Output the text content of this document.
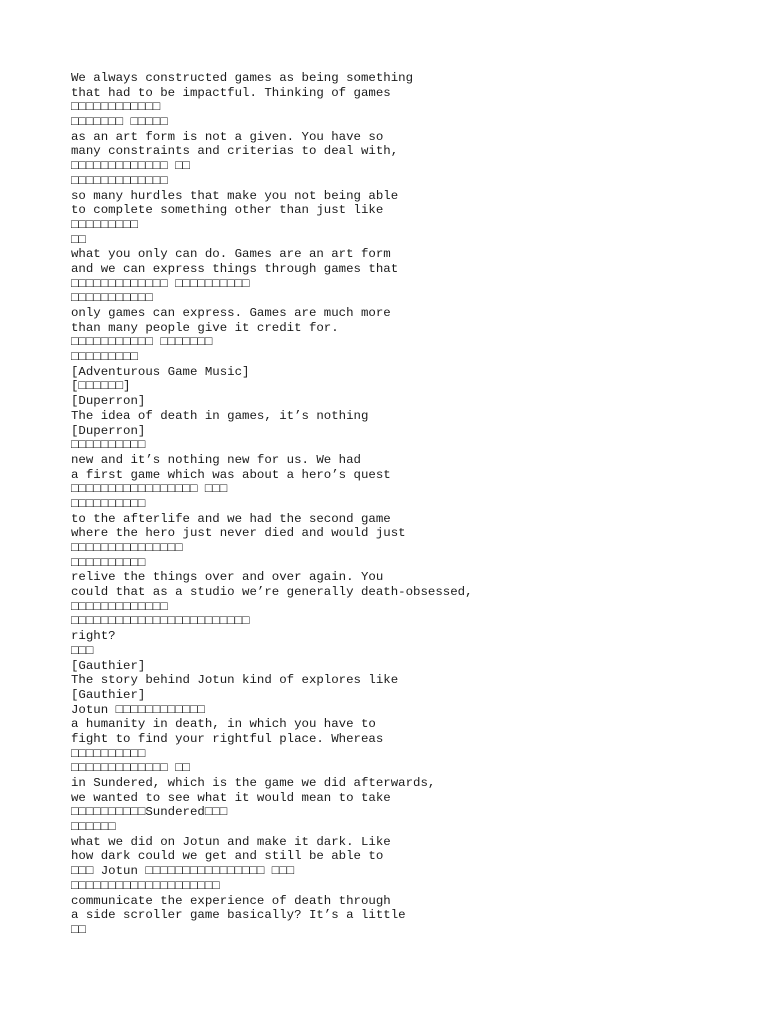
We always constructed games as being something
that had to be impactful. Thinking of games
□□□□□□□□□□□□
□□□□□□□ □□□□□
as an art form is not a given. You have so
many constraints and criterias to deal with,
□□□□□□□□□□□□□ □□
□□□□□□□□□□□□□
so many hurdles that make you not being able
to complete something other than just like
□□□□□□□□□
□□
what you only can do. Games are an art form
and we can express things through games that
□□□□□□□□□□□□□ □□□□□□□□□□
□□□□□□□□□□□
only games can express. Games are much more
than many people give it credit for.
□□□□□□□□□□□ □□□□□□□
□□□□□□□□□
[Adventurous Game Music]
[□□□□□□]
[Duperron]
The idea of death in games, it’s nothing
[Duperron]
□□□□□□□□□□
new and it’s nothing new for us. We had
a first game which was about a hero’s quest
□□□□□□□□□□□□□□□□□ □□□
□□□□□□□□□□
to the afterlife and we had the second game
where the hero just never died and would just
□□□□□□□□□□□□□□□
□□□□□□□□□□
relive the things over and over again. You
could that as a studio we’re generally death-obsessed,
□□□□□□□□□□□□□
□□□□□□□□□□□□□□□□□□□□□□□□
right?
□□□
[Gauthier]
The story behind Jotun kind of explores like
[Gauthier]
Jotun □□□□□□□□□□□□
a humanity in death, in which you have to
fight to find your rightful place. Whereas
□□□□□□□□□□
□□□□□□□□□□□□□ □□
in Sundered, which is the game we did afterwards,
we wanted to see what it would mean to take
□□□□□□□□□□Sundered□□□
□□□□□□
what we did on Jotun and make it dark. Like
how dark could we get and still be able to
□□□ Jotun □□□□□□□□□□□□□□□□ □□□
□□□□□□□□□□□□□□□□□□□□
communicate the experience of death through
a side scroller game basically? It’s a little
□□
